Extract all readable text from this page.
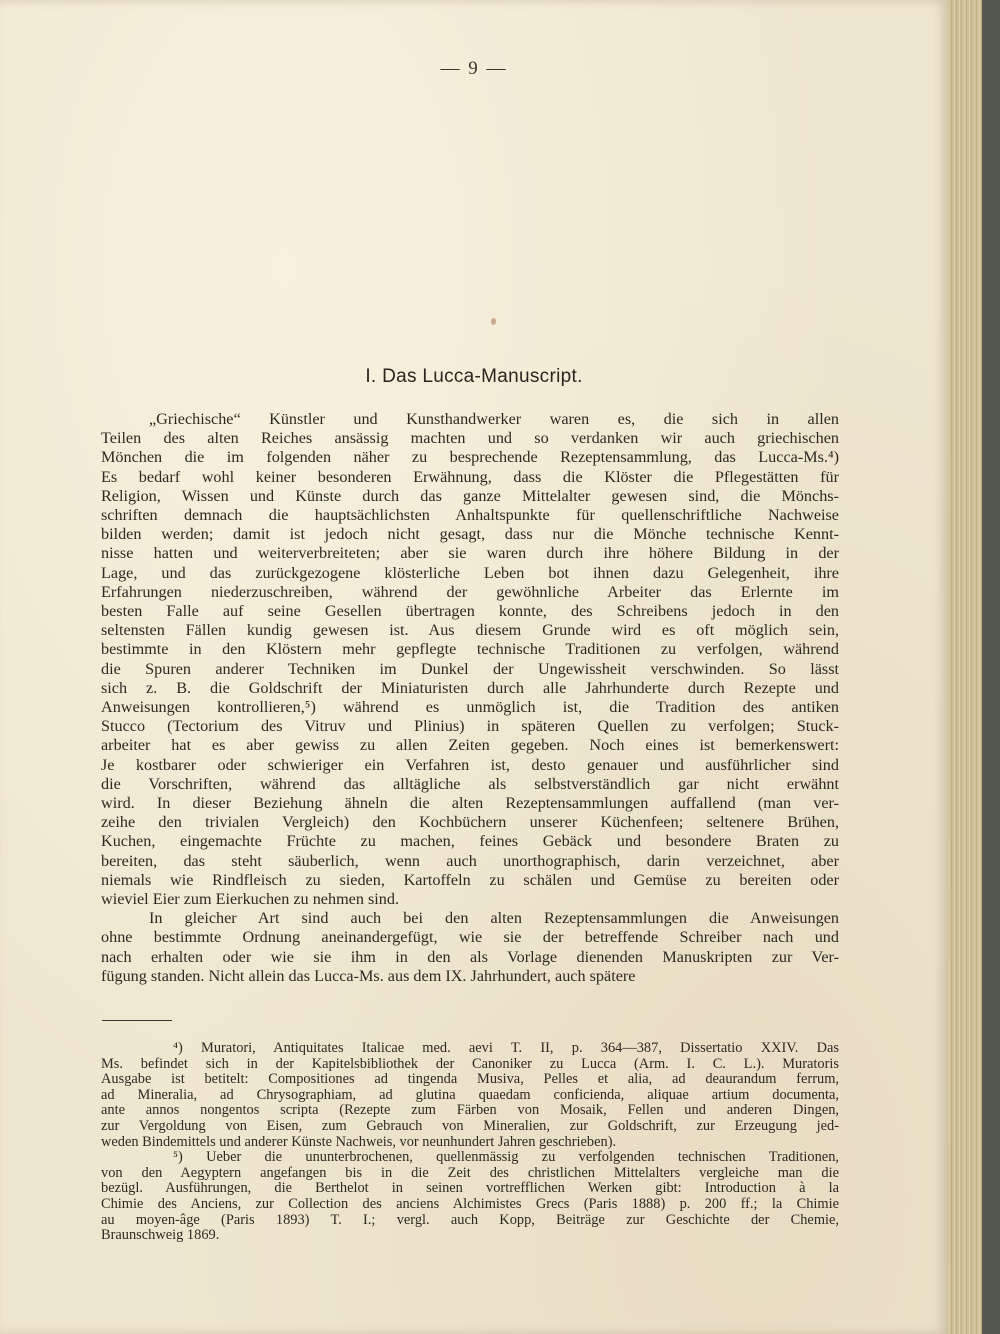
— 9 —
I. Das Lucca-Manuscript.
„Griechische“ Künstler und Kunsthandwerker waren es, die sich in allen
Teilen des alten Reiches ansässig machten und so verdanken wir auch griechischen
Mönchen die im folgenden näher zu besprechende Rezeptensammlung, das Lucca-Ms.⁴)
Es bedarf wohl keiner besonderen Erwähnung, dass die Klöster die Pflegestätten für
Religion, Wissen und Künste durch das ganze Mittelalter gewesen sind, die Mönchs-
schriften demnach die hauptsächlichsten Anhaltspunkte für quellenschriftliche Nachweise
bilden werden; damit ist jedoch nicht gesagt, dass nur die Mönche technische Kennt-
nisse hatten und weiterverbreiteten; aber sie waren durch ihre höhere Bildung in der
Lage, und das zurückgezogene klösterliche Leben bot ihnen dazu Gelegenheit, ihre
Erfahrungen niederzuschreiben, während der gewöhnliche Arbeiter das Erlernte im
besten Falle auf seine Gesellen übertragen konnte, des Schreibens jedoch in den
seltensten Fällen kundig gewesen ist. Aus diesem Grunde wird es oft möglich sein,
bestimmte in den Klöstern mehr gepflegte technische Traditionen zu verfolgen, während
die Spuren anderer Techniken im Dunkel der Ungewissheit verschwinden. So lässt
sich z. B. die Goldschrift der Miniaturisten durch alle Jahrhunderte durch Rezepte und
Anweisungen kontrollieren,⁵) während es unmöglich ist, die Tradition des antiken
Stucco (Tectorium des Vitruv und Plinius) in späteren Quellen zu verfolgen; Stuck-
arbeiter hat es aber gewiss zu allen Zeiten gegeben. Noch eines ist bemerkenswert:
Je kostbarer oder schwieriger ein Verfahren ist, desto genauer und ausführlicher sind
die Vorschriften, während das alltägliche als selbstverständlich gar nicht erwähnt
wird. In dieser Beziehung ähneln die alten Rezeptensammlungen auffallend (man ver-
zeihe den trivialen Vergleich) den Kochbüchern unserer Küchenfeen; seltenere Brühen,
Kuchen, eingemachte Früchte zu machen, feines Gebäck und besondere Braten zu
bereiten, das steht säuberlich, wenn auch unorthographisch, darin verzeichnet, aber
niemals wie Rindfleisch zu sieden, Kartoffeln zu schälen und Gemüse zu bereiten oder
wieviel Eier zum Eierkuchen zu nehmen sind.
In gleicher Art sind auch bei den alten Rezeptensammlungen die Anweisungen
ohne bestimmte Ordnung aneinandergefügt, wie sie der betreffende Schreiber nach und
nach erhalten oder wie sie ihm in den als Vorlage dienenden Manuskripten zur Ver-
fügung standen. Nicht allein das Lucca-Ms. aus dem IX. Jahrhundert, auch spätere
⁴) Muratori, Antiquitates Italicae med. aevi T. II, p. 364—387, Dissertatio XXIV. Das
Ms. befindet sich in der Kapitelsbibliothek der Canoniker zu Lucca (Arm. I. C. L.). Muratoris
Ausgabe ist betitelt: Compositiones ad tingenda Musiva, Pelles et alia, ad deaurandum ferrum,
ad Mineralia, ad Chrysographiam, ad glutina quaedam conficienda, aliquae artium documenta,
ante annos nongentos scripta (Rezepte zum Färben von Mosaik, Fellen und anderen Dingen,
zur Vergoldung von Eisen, zum Gebrauch von Mineralien, zur Goldschrift, zur Erzeugung jed-
weden Bindemittels und anderer Künste Nachweis, vor neunhundert Jahren geschrieben).
⁵) Ueber die ununterbrochenen, quellenmässig zu verfolgenden technischen Traditionen,
von den Aegyptern angefangen bis in die Zeit des christlichen Mittelalters vergleiche man die
bezügl. Ausführungen, die Berthelot in seinen vortrefflichen Werken gibt: Introduction à la
Chimie des Anciens, zur Collection des anciens Alchimistes Grecs (Paris 1888) p. 200 ff.; la Chimie
au moyen-âge (Paris 1893) T. I.; vergl. auch Kopp, Beiträge zur Geschichte der Chemie,
Braunschweig 1869.
